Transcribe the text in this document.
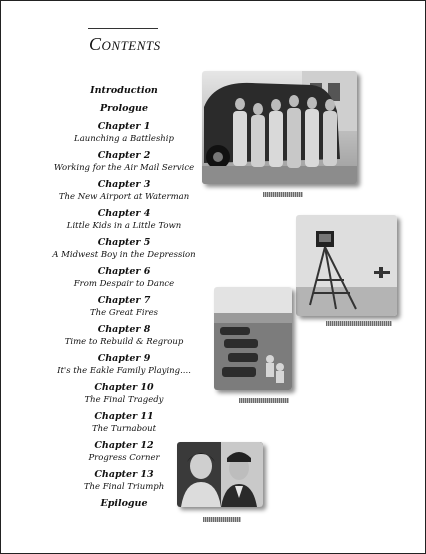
Contents
Introduction
Prologue
Chapter 1
Launching a Battleship
Chapter 2
Working for the Air Mail Service
Chapter 3
The New Airport at Waterman
Chapter 4
Little Kids in a Little Town
Chapter 5
A Midwest Boy in the Depression
Chapter 6
From Despair to Dance
Chapter 7
The Great Fires
Chapter 8
Time to Rebuild & Regroup
Chapter 9
It's the Eakle Family Playing....
Chapter 10
The Final Tragedy
Chapter 11
The Turnabout
Chapter 12
Progress Corner
Chapter 13
The Final Triumph
Epilogue
